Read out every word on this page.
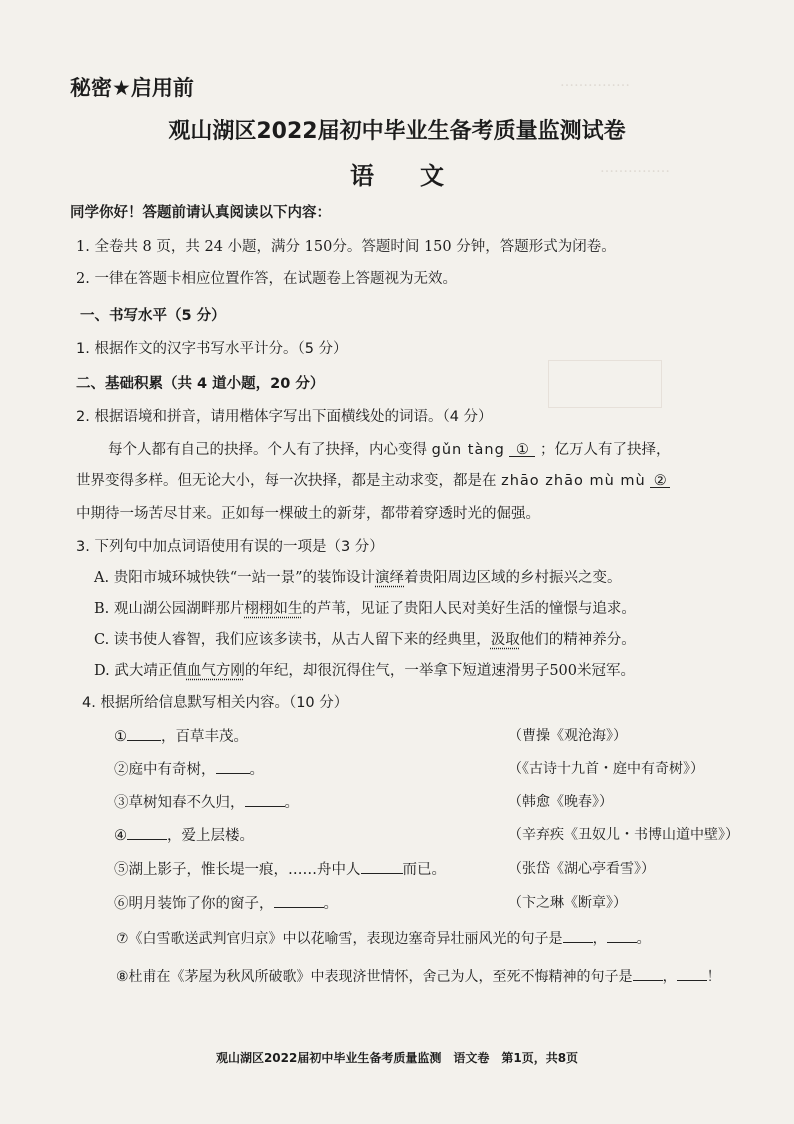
……………
……………
秘密★启用前
观山湖区2022届初中毕业生备考质量监测试卷
语文
同学你好！答题前请认真阅读以下内容：
1. 全卷共 8 页，共 24 小题，满分 150分。答题时间 150 分钟，答题形式为闭卷。
2. 一律在答题卡相应位置作答，在试题卷上答题视为无效。
一、书写水平（5 分）
1. 根据作文的汉字书写水平计分。（5 分）
二、基础积累（共 4 道小题，20 分）
2. 根据语境和拼音，请用楷体字写出下面横线处的词语。（4 分）
每个人都有自己的抉择。个人有了抉择，内心变得 gǔn tàng ① ；亿万人有了抉择，
世界变得多样。但无论大小，每一次抉择，都是主动求变，都是在 zhāo zhāo mù mù ②
中期待一场苦尽甘来。正如每一棵破土的新芽，都带着穿透时光的倔强。
3. 下列句中加点词语使用有误的一项是（3 分）
A. 贵阳市城环城快铁“一站一景”的装饰设计演绎着贵阳周边区域的乡村振兴之变。
B. 观山湖公园湖畔那片栩栩如生的芦苇，见证了贵阳人民对美好生活的憧憬与追求。
C. 读书使人睿智，我们应该多读书，从古人留下来的经典里，汲取他们的精神养分。
D. 武大靖正值血气方刚的年纪，却很沉得住气，一举拿下短道速滑男子500米冠军。
4. 根据所给信息默写相关内容。（10 分）
① ，百草丰茂。	（曹操《观沧海》）
②庭中有奇树， 。	（《古诗十九首・庭中有奇树》）
③草树知春不久归，	。	（韩愈《晚春》）
④	，爱上层楼。	（辛弃疾《丑奴儿・书博山道中壁》）
⑤湖上影子，惟长堤一痕，……舟中人	而已。	（张岱《湖心亭看雪》）
⑥明月装饰了你的窗子，	。	（卞之琳《断章》）
⑦《白雪歌送武判官归京》中以花喻雪，表现边塞奇异壮丽风光的句子是 ， 。
⑧杜甫在《茅屋为秋风所破歌》中表现济世情怀，舍己为人，至死不悔精神的句子是 ， ！
观山湖区2022届初中毕业生备考质量监测　语文卷　第1页，共8页
